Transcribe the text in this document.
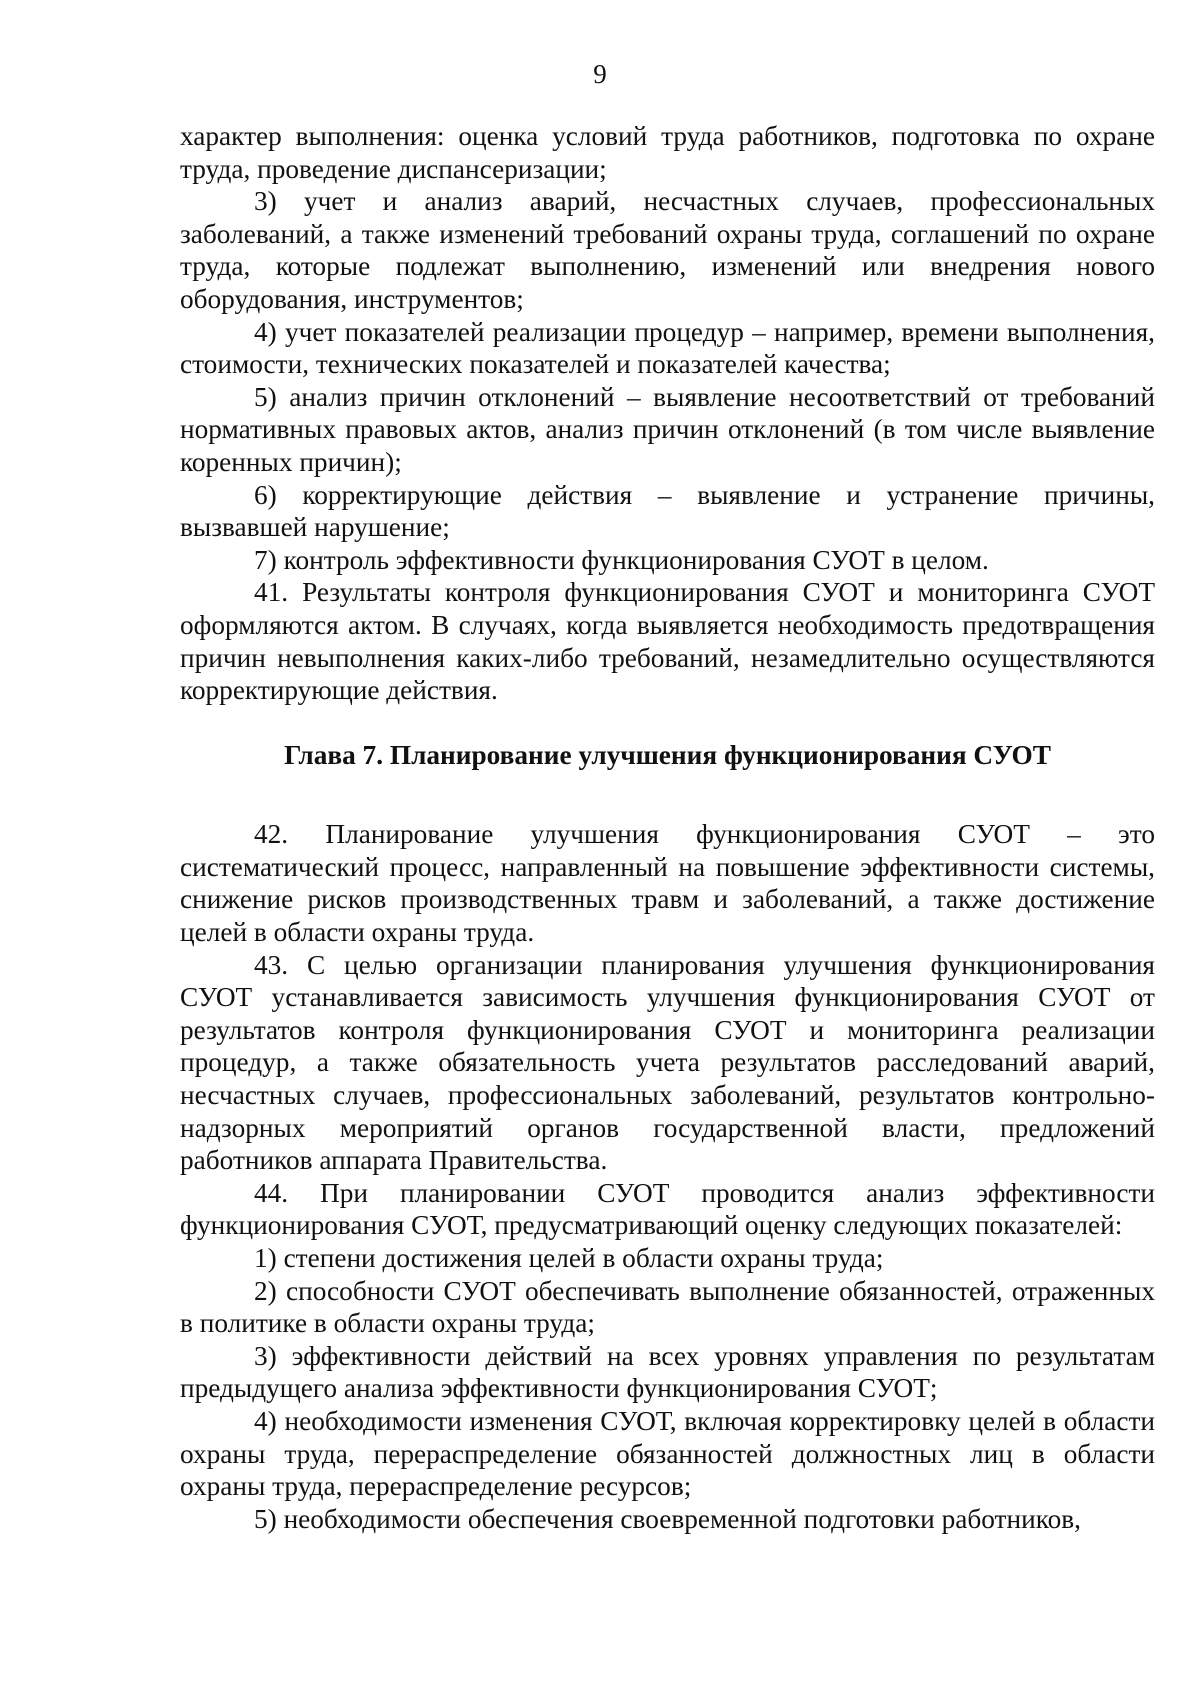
9

характер выполнения: оценка условий труда работников, подготовка по охране труда, проведение диспансеризации;

3) учет и анализ аварий, несчастных случаев, профессиональных заболеваний, а также изменений требований охраны труда, соглашений по охране труда, которые подлежат выполнению, изменений или внедрения нового оборудования, инструментов;

4) учет показателей реализации процедур – например, времени выполнения, стоимости, технических показателей и показателей качества;

5) анализ причин отклонений – выявление несоответствий от требований нормативных правовых актов, анализ причин отклонений (в том числе выявление коренных причин);

6) корректирующие действия – выявление и устранение причины, вызвавшей нарушение;

7) контроль эффективности функционирования СУОТ в целом.

41. Результаты контроля функционирования СУОТ и мониторинга СУОТ оформляются актом. В случаях, когда выявляется необходимость предотвращения причин невыполнения каких-либо требований, незамедлительно осуществляются корректирующие действия.

Глава 7. Планирование улучшения функционирования СУОТ

42. Планирование улучшения функционирования СУОТ – это систематический процесс, направленный на повышение эффективности системы, снижение рисков производственных травм и заболеваний, а также достижение целей в области охраны труда.

43. С целью организации планирования улучшения функционирования СУОТ устанавливается зависимость улучшения функционирования СУОТ от результатов контроля функционирования СУОТ и мониторинга реализации процедур, а также обязательность учета результатов расследований аварий, несчастных случаев, профессиональных заболеваний, результатов контрольно-надзорных мероприятий органов государственной власти, предложений работников аппарата Правительства.

44. При планировании СУОТ проводится анализ эффективности функционирования СУОТ, предусматривающий оценку следующих показателей:

1) степени достижения целей в области охраны труда;

2) способности СУОТ обеспечивать выполнение обязанностей, отраженных в политике в области охраны труда;

3) эффективности действий на всех уровнях управления по результатам предыдущего анализа эффективности функционирования СУОТ;

4) необходимости изменения СУОТ, включая корректировку целей в области охраны труда, перераспределение обязанностей должностных лиц в области охраны труда, перераспределение ресурсов;

5) необходимости обеспечения своевременной подготовки работников,
